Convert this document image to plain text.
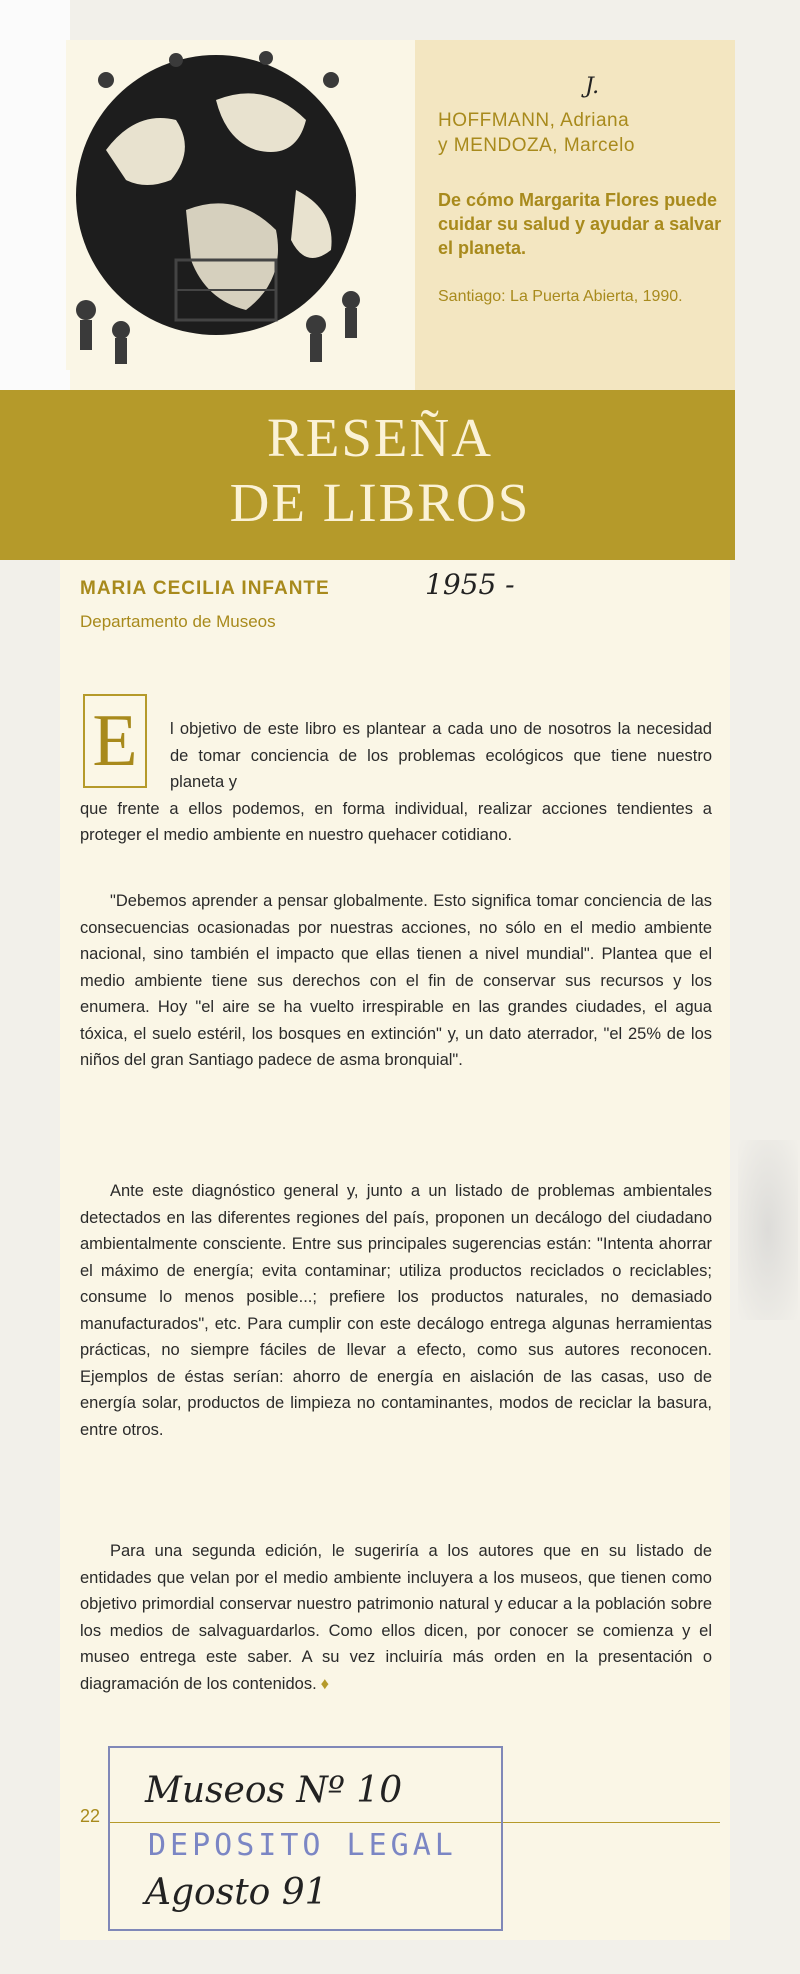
J.
HOFFMANN, Adriana
y MENDOZA, Marcelo
De cómo Margarita Flores puede cuidar su salud y ayudar a salvar el planeta.
Santiago: La Puerta Abierta, 1990.
RESEÑA
DE LIBROS
MARIA CECILIA INFANTE	1955 -
Departamento de Museos
E	l objetivo de este libro es plantear a cada uno de nosotros la necesidad de tomar conciencia de los problemas ecológicos que tiene nuestro planeta y
que frente a ellos podemos, en forma individual, realizar acciones tendientes a proteger el medio ambiente en nuestro quehacer cotidiano.
"Debemos aprender a pensar globalmente. Esto significa tomar conciencia de las consecuencias ocasionadas por nuestras acciones, no sólo en el medio ambiente nacional, sino también el impacto que ellas tienen a nivel mundial". Plantea que el medio ambiente tiene sus derechos con el fin de conservar sus recursos y los enumera. Hoy "el aire se ha vuelto irrespirable en las grandes ciudades, el agua tóxica, el suelo estéril, los bosques en extinción" y, un dato aterrador, "el 25% de los niños del gran Santiago padece de asma bronquial".
Ante este diagnóstico general y, junto a un listado de problemas ambientales detectados en las diferentes regiones del país, proponen un decálogo del ciudadano ambientalmente consciente. Entre sus principales sugerencias están: "Intenta ahorrar el máximo de energía; evita contaminar; utiliza productos reciclados o reciclables; consume lo menos posible...; prefiere los productos naturales, no demasiado manufacturados", etc. Para cumplir con este decálogo entrega algunas herramientas prácticas, no siempre fáciles de llevar a efecto, como sus autores reconocen. Ejemplos de éstas serían: ahorro de energía en aislación de las casas, uso de energía solar, productos de limpieza no contaminantes, modos de reciclar la basura, entre otros.
Para una segunda edición, le sugeriría a los autores que en su listado de entidades que velan por el medio ambiente incluyera a los museos, que tienen como objetivo primordial conservar nuestro patrimonio natural y educar a la población sobre los medios de salvaguardarlos. Como ellos dicen, por conocer se comienza y el museo entrega este saber. A su vez incluiría más orden en la presentación o diagramación de los contenidos. ♦
22
Museos Nº 10
DEPOSITO LEGAL
Agosto 91
